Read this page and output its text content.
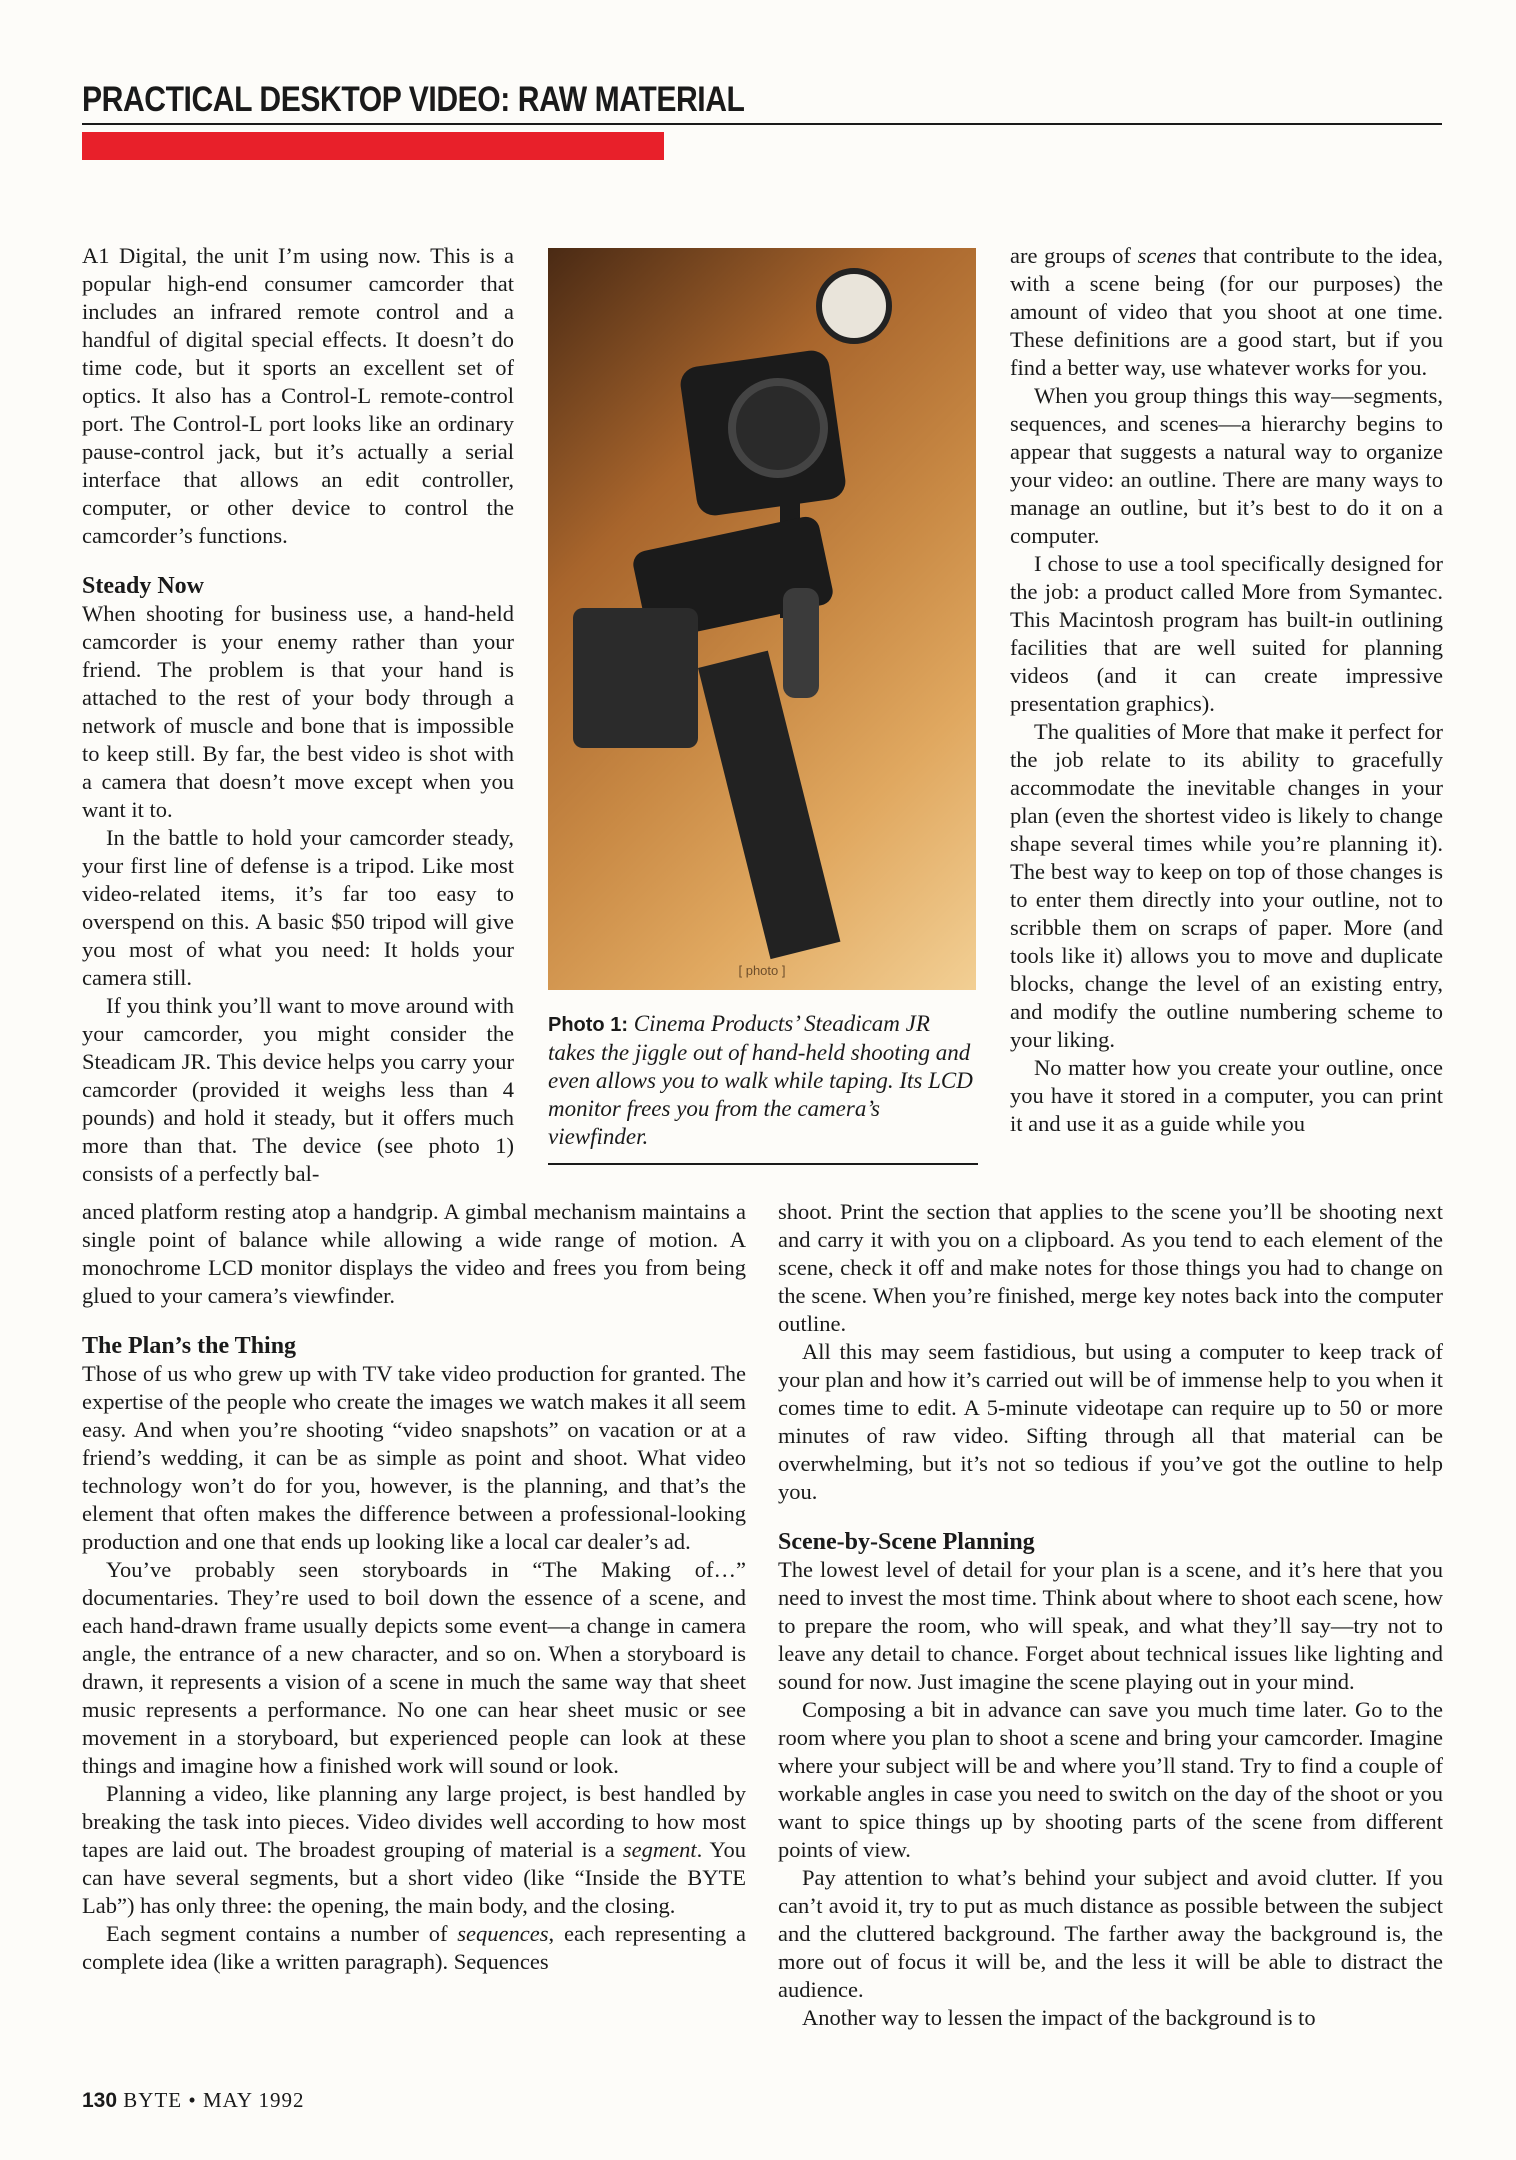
PRACTICAL DESKTOP VIDEO: RAW MATERIAL

A1 Digital, the unit I’m using now. This is a popular high-end consumer camcorder that includes an infrared remote control and a handful of digital special effects. It doesn’t do time code, but it sports an excellent set of optics. It also has a Control-L remote-control port. The Control-L port looks like an ordinary pause-control jack, but it’s actually a serial interface that allows an edit controller, computer, or other device to control the camcorder’s functions.

Steady Now

When shooting for business use, a hand-held camcorder is your enemy rather than your friend. The problem is that your hand is attached to the rest of your body through a network of muscle and bone that is impossible to keep still. By far, the best video is shot with a camera that doesn’t move except when you want it to.

In the battle to hold your camcorder steady, your first line of defense is a tripod. Like most video-related items, it’s far too easy to overspend on this. A basic $50 tripod will give you most of what you need: It holds your camera still.

If you think you’ll want to move around with your camcorder, you might consider the Steadicam JR. This device helps you carry your camcorder (provided it weighs less than 4 pounds) and hold it steady, but it offers much more than that. The device (see photo 1) consists of a perfectly bal-

[ photo ]
Photo 1: Cinema Products’ Steadicam JR takes the jiggle out of hand-held shooting and even allows you to walk while taping. Its LCD monitor frees you from the camera’s viewfinder.

anced platform resting atop a handgrip. A gimbal mechanism maintains a single point of balance while allowing a wide range of motion. A monochrome LCD monitor displays the video and frees you from being glued to your camera’s viewfinder.

The Plan’s the Thing

Those of us who grew up with TV take video production for granted. The expertise of the people who create the images we watch makes it all seem easy. And when you’re shooting “video snapshots” on vacation or at a friend’s wedding, it can be as simple as point and shoot. What video technology won’t do for you, however, is the planning, and that’s the element that often makes the difference between a professional-looking production and one that ends up looking like a local car dealer’s ad.

You’ve probably seen storyboards in “The Making of…” documentaries. They’re used to boil down the essence of a scene, and each hand-drawn frame usually depicts some event—a change in camera angle, the entrance of a new character, and so on. When a storyboard is drawn, it represents a vision of a scene in much the same way that sheet music represents a performance. No one can hear sheet music or see movement in a storyboard, but experienced people can look at these things and imagine how a finished work will sound or look.

Planning a video, like planning any large project, is best handled by breaking the task into pieces. Video divides well according to how most tapes are laid out. The broadest grouping of material is a segment. You can have several segments, but a short video (like “Inside the BYTE Lab”) has only three: the opening, the main body, and the closing.

Each segment contains a number of sequences, each representing a complete idea (like a written paragraph). Sequences

are groups of scenes that contribute to the idea, with a scene being (for our purposes) the amount of video that you shoot at one time. These definitions are a good start, but if you find a better way, use whatever works for you.

When you group things this way—segments, sequences, and scenes—a hierarchy begins to appear that suggests a natural way to organize your video: an outline. There are many ways to manage an outline, but it’s best to do it on a computer.

I chose to use a tool specifically designed for the job: a product called More from Symantec. This Macintosh program has built-in outlining facilities that are well suited for planning videos (and it can create impressive presentation graphics).

The qualities of More that make it perfect for the job relate to its ability to gracefully accommodate the inevitable changes in your plan (even the shortest video is likely to change shape several times while you’re planning it). The best way to keep on top of those changes is to enter them directly into your outline, not to scribble them on scraps of paper. More (and tools like it) allows you to move and duplicate blocks, change the level of an existing entry, and modify the outline numbering scheme to your liking.

No matter how you create your outline, once you have it stored in a computer, you can print it and use it as a guide while you

shoot. Print the section that applies to the scene you’ll be shooting next and carry it with you on a clipboard. As you tend to each element of the scene, check it off and make notes for those things you had to change on the scene. When you’re finished, merge key notes back into the computer outline.

All this may seem fastidious, but using a computer to keep track of your plan and how it’s carried out will be of immense help to you when it comes time to edit. A 5-minute videotape can require up to 50 or more minutes of raw video. Sifting through all that material can be overwhelming, but it’s not so tedious if you’ve got the outline to help you.

Scene-by-Scene Planning

The lowest level of detail for your plan is a scene, and it’s here that you need to invest the most time. Think about where to shoot each scene, how to prepare the room, who will speak, and what they’ll say—try not to leave any detail to chance. Forget about technical issues like lighting and sound for now. Just imagine the scene playing out in your mind.

Composing a bit in advance can save you much time later. Go to the room where you plan to shoot a scene and bring your camcorder. Imagine where your subject will be and where you’ll stand. Try to find a couple of workable angles in case you need to switch on the day of the shoot or you want to spice things up by shooting parts of the scene from different points of view.

Pay attention to what’s behind your subject and avoid clutter. If you can’t avoid it, try to put as much distance as possible between the subject and the cluttered background. The farther away the background is, the more out of focus it will be, and the less it will be able to distract the audience.

Another way to lessen the impact of the background is to

130 BYTE • MAY 1992
